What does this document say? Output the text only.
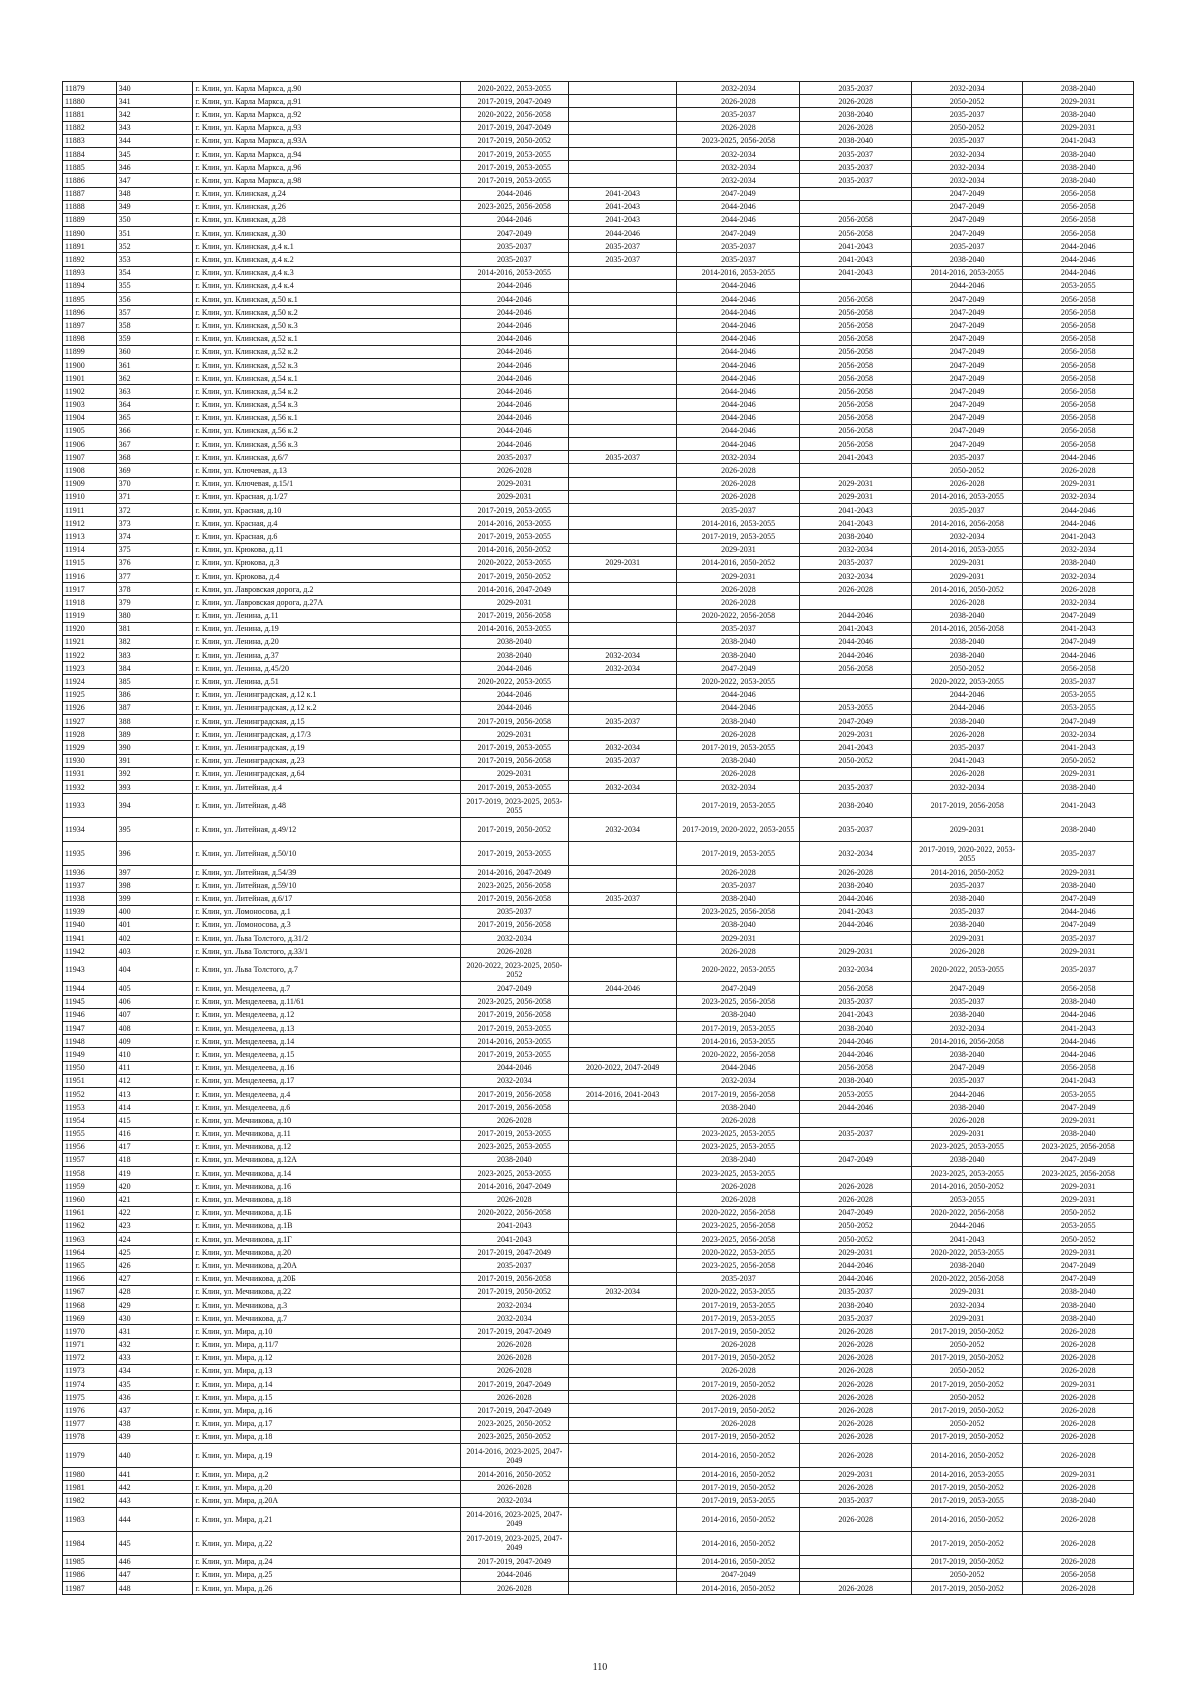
11879	340	г. Клин, ул. Карла Маркса, д.90	2020-2022, 2053-2055		2032-2034	2035-2037	2032-2034	2038-2040
11880	341	г. Клин, ул. Карла Маркса, д.91	2017-2019, 2047-2049		2026-2028	2026-2028	2050-2052	2029-2031
11881	342	г. Клин, ул. Карла Маркса, д.92	2020-2022, 2056-2058		2035-2037	2038-2040	2035-2037	2038-2040
11882	343	г. Клин, ул. Карла Маркса, д.93	2017-2019, 2047-2049		2026-2028	2026-2028	2050-2052	2029-2031
11883	344	г. Клин, ул. Карла Маркса, д.93А	2017-2019, 2050-2052		2023-2025, 2056-2058	2038-2040	2035-2037	2041-2043
11884	345	г. Клин, ул. Карла Маркса, д.94	2017-2019, 2053-2055		2032-2034	2035-2037	2032-2034	2038-2040
11885	346	г. Клин, ул. Карла Маркса, д.96	2017-2019, 2053-2055		2032-2034	2035-2037	2032-2034	2038-2040
11886	347	г. Клин, ул. Карла Маркса, д.98	2017-2019, 2053-2055		2032-2034	2035-2037	2032-2034	2038-2040
11887	348	г. Клин, ул. Клинская, д.24	2044-2046	2041-2043	2047-2049		2047-2049	2056-2058
11888	349	г. Клин, ул. Клинская, д.26	2023-2025, 2056-2058	2041-2043	2044-2046		2047-2049	2056-2058
11889	350	г. Клин, ул. Клинская, д.28	2044-2046	2041-2043	2044-2046	2056-2058	2047-2049	2056-2058
11890	351	г. Клин, ул. Клинская, д.30	2047-2049	2044-2046	2047-2049	2056-2058	2047-2049	2056-2058
11891	352	г. Клин, ул. Клинская, д.4 к.1	2035-2037	2035-2037	2035-2037	2041-2043	2035-2037	2044-2046
11892	353	г. Клин, ул. Клинская, д.4 к.2	2035-2037	2035-2037	2035-2037	2041-2043	2038-2040	2044-2046
11893	354	г. Клин, ул. Клинская, д.4 к.3	2014-2016, 2053-2055		2014-2016, 2053-2055	2041-2043	2014-2016, 2053-2055	2044-2046
11894	355	г. Клин, ул. Клинская, д.4 к.4	2044-2046		2044-2046		2044-2046	2053-2055
11895	356	г. Клин, ул. Клинская, д.50 к.1	2044-2046		2044-2046	2056-2058	2047-2049	2056-2058
11896	357	г. Клин, ул. Клинская, д.50 к.2	2044-2046		2044-2046	2056-2058	2047-2049	2056-2058
11897	358	г. Клин, ул. Клинская, д.50 к.3	2044-2046		2044-2046	2056-2058	2047-2049	2056-2058
11898	359	г. Клин, ул. Клинская, д.52 к.1	2044-2046		2044-2046	2056-2058	2047-2049	2056-2058
11899	360	г. Клин, ул. Клинская, д.52 к.2	2044-2046		2044-2046	2056-2058	2047-2049	2056-2058
11900	361	г. Клин, ул. Клинская, д.52 к.3	2044-2046		2044-2046	2056-2058	2047-2049	2056-2058
11901	362	г. Клин, ул. Клинская, д.54 к.1	2044-2046		2044-2046	2056-2058	2047-2049	2056-2058
11902	363	г. Клин, ул. Клинская, д.54 к.2	2044-2046		2044-2046	2056-2058	2047-2049	2056-2058
11903	364	г. Клин, ул. Клинская, д.54 к.3	2044-2046		2044-2046	2056-2058	2047-2049	2056-2058
11904	365	г. Клин, ул. Клинская, д.56 к.1	2044-2046		2044-2046	2056-2058	2047-2049	2056-2058
11905	366	г. Клин, ул. Клинская, д.56 к.2	2044-2046		2044-2046	2056-2058	2047-2049	2056-2058
11906	367	г. Клин, ул. Клинская, д.56 к.3	2044-2046		2044-2046	2056-2058	2047-2049	2056-2058
11907	368	г. Клин, ул. Клинская, д.6/7	2035-2037	2035-2037	2032-2034	2041-2043	2035-2037	2044-2046
11908	369	г. Клин, ул. Ключевая, д.13	2026-2028		2026-2028		2050-2052	2026-2028
11909	370	г. Клин, ул. Ключевая, д.15/1	2029-2031		2026-2028	2029-2031	2026-2028	2029-2031
11910	371	г. Клин, ул. Красная, д.1/27	2029-2031		2026-2028	2029-2031	2014-2016, 2053-2055	2032-2034
11911	372	г. Клин, ул. Красная, д.10	2017-2019, 2053-2055		2035-2037	2041-2043	2035-2037	2044-2046
11912	373	г. Клин, ул. Красная, д.4	2014-2016, 2053-2055		2014-2016, 2053-2055	2041-2043	2014-2016, 2056-2058	2044-2046
11913	374	г. Клин, ул. Красная, д.6	2017-2019, 2053-2055		2017-2019, 2053-2055	2038-2040	2032-2034	2041-2043
11914	375	г. Клин, ул. Крюкова, д.11	2014-2016, 2050-2052		2029-2031	2032-2034	2014-2016, 2053-2055	2032-2034
11915	376	г. Клин, ул. Крюкова, д.3	2020-2022, 2053-2055	2029-2031	2014-2016, 2050-2052	2035-2037	2029-2031	2038-2040
11916	377	г. Клин, ул. Крюкова, д.4	2017-2019, 2050-2052		2029-2031	2032-2034	2029-2031	2032-2034
11917	378	г. Клин, ул. Лавровская дорога, д.2	2014-2016, 2047-2049		2026-2028	2026-2028	2014-2016, 2050-2052	2026-2028
11918	379	г. Клин, ул. Лавровская дорога, д.27А	2029-2031		2026-2028		2026-2028	2032-2034
11919	380	г. Клин, ул. Ленина, д.11	2017-2019, 2056-2058		2020-2022, 2056-2058	2044-2046	2038-2040	2047-2049
11920	381	г. Клин, ул. Ленина, д.19	2014-2016, 2053-2055		2035-2037	2041-2043	2014-2016, 2056-2058	2041-2043
11921	382	г. Клин, ул. Ленина, д.20	2038-2040		2038-2040	2044-2046	2038-2040	2047-2049
11922	383	г. Клин, ул. Ленина, д.37	2038-2040	2032-2034	2038-2040	2044-2046	2038-2040	2044-2046
11923	384	г. Клин, ул. Ленина, д.45/20	2044-2046	2032-2034	2047-2049	2056-2058	2050-2052	2056-2058
11924	385	г. Клин, ул. Ленина, д.51	2020-2022, 2053-2055		2020-2022, 2053-2055		2020-2022, 2053-2055	2035-2037
11925	386	г. Клин, ул. Ленинградская, д.12 к.1	2044-2046		2044-2046		2044-2046	2053-2055
11926	387	г. Клин, ул. Ленинградская, д.12 к.2	2044-2046		2044-2046	2053-2055	2044-2046	2053-2055
11927	388	г. Клин, ул. Ленинградская, д.15	2017-2019, 2056-2058	2035-2037	2038-2040	2047-2049	2038-2040	2047-2049
11928	389	г. Клин, ул. Ленинградская, д.17/3	2029-2031		2026-2028	2029-2031	2026-2028	2032-2034
11929	390	г. Клин, ул. Ленинградская, д.19	2017-2019, 2053-2055	2032-2034	2017-2019, 2053-2055	2041-2043	2035-2037	2041-2043
11930	391	г. Клин, ул. Ленинградская, д.23	2017-2019, 2056-2058	2035-2037	2038-2040	2050-2052	2041-2043	2050-2052
11931	392	г. Клин, ул. Ленинградская, д.64	2029-2031		2026-2028		2026-2028	2029-2031
11932	393	г. Клин, ул. Литейная, д.4	2017-2019, 2053-2055	2032-2034	2032-2034	2035-2037	2032-2034	2038-2040
11933	394	г. Клин, ул. Литейная, д.48	2017-2019, 2023-2025, 2053-2055		2017-2019, 2053-2055	2038-2040	2017-2019, 2056-2058	2041-2043
11934	395	г. Клин, ул. Литейная, д.49/12	2017-2019, 2050-2052	2032-2034	2017-2019, 2020-2022, 2053-2055	2035-2037	2029-2031	2038-2040
11935	396	г. Клин, ул. Литейная, д.50/10	2017-2019, 2053-2055		2017-2019, 2053-2055	2032-2034	2017-2019, 2020-2022, 2053-2055	2035-2037
11936	397	г. Клин, ул. Литейная, д.54/39	2014-2016, 2047-2049		2026-2028	2026-2028	2014-2016, 2050-2052	2029-2031
11937	398	г. Клин, ул. Литейная, д.59/10	2023-2025, 2056-2058		2035-2037	2038-2040	2035-2037	2038-2040
11938	399	г. Клин, ул. Литейная, д.6/17	2017-2019, 2056-2058	2035-2037	2038-2040	2044-2046	2038-2040	2047-2049
11939	400	г. Клин, ул. Ломоносова, д.1	2035-2037		2023-2025, 2056-2058	2041-2043	2035-2037	2044-2046
11940	401	г. Клин, ул. Ломоносова, д.3	2017-2019, 2056-2058		2038-2040	2044-2046	2038-2040	2047-2049
11941	402	г. Клин, ул. Льва Толстого, д.31/2	2032-2034		2029-2031		2029-2031	2035-2037
11942	403	г. Клин, ул. Льва Толстого, д.33/1	2026-2028		2026-2028	2029-2031	2026-2028	2029-2031
11943	404	г. Клин, ул. Льва Толстого, д.7	2020-2022, 2023-2025, 2050-2052		2020-2022, 2053-2055	2032-2034	2020-2022, 2053-2055	2035-2037
11944	405	г. Клин, ул. Менделеева, д.7	2047-2049	2044-2046	2047-2049	2056-2058	2047-2049	2056-2058
11945	406	г. Клин, ул. Менделеева, д.11/61	2023-2025, 2056-2058		2023-2025, 2056-2058	2035-2037	2035-2037	2038-2040
11946	407	г. Клин, ул. Менделеева, д.12	2017-2019, 2056-2058		2038-2040	2041-2043	2038-2040	2044-2046
11947	408	г. Клин, ул. Менделеева, д.13	2017-2019, 2053-2055		2017-2019, 2053-2055	2038-2040	2032-2034	2041-2043
11948	409	г. Клин, ул. Менделеева, д.14	2014-2016, 2053-2055		2014-2016, 2053-2055	2044-2046	2014-2016, 2056-2058	2044-2046
11949	410	г. Клин, ул. Менделеева, д.15	2017-2019, 2053-2055		2020-2022, 2056-2058	2044-2046	2038-2040	2044-2046
11950	411	г. Клин, ул. Менделеева, д.16	2044-2046	2020-2022, 2047-2049	2044-2046	2056-2058	2047-2049	2056-2058
11951	412	г. Клин, ул. Менделеева, д.17	2032-2034		2032-2034	2038-2040	2035-2037	2041-2043
11952	413	г. Клин, ул. Менделеева, д.4	2017-2019, 2056-2058	2014-2016, 2041-2043	2017-2019, 2056-2058	2053-2055	2044-2046	2053-2055
11953	414	г. Клин, ул. Менделеева, д.6	2017-2019, 2056-2058		2038-2040	2044-2046	2038-2040	2047-2049
11954	415	г. Клин, ул. Мечникова, д.10	2026-2028		2026-2028		2026-2028	2029-2031
11955	416	г. Клин, ул. Мечникова, д.11	2017-2019, 2053-2055		2023-2025, 2053-2055	2035-2037	2029-2031	2038-2040
11956	417	г. Клин, ул. Мечникова, д.12	2023-2025, 2053-2055		2023-2025, 2053-2055		2023-2025, 2053-2055	2023-2025, 2056-2058
11957	418	г. Клин, ул. Мечникова, д.12А	2038-2040		2038-2040	2047-2049	2038-2040	2047-2049
11958	419	г. Клин, ул. Мечникова, д.14	2023-2025, 2053-2055		2023-2025, 2053-2055		2023-2025, 2053-2055	2023-2025, 2056-2058
11959	420	г. Клин, ул. Мечникова, д.16	2014-2016, 2047-2049		2026-2028	2026-2028	2014-2016, 2050-2052	2029-2031
11960	421	г. Клин, ул. Мечникова, д.18	2026-2028		2026-2028	2026-2028	2053-2055	2029-2031
11961	422	г. Клин, ул. Мечникова, д.1Б	2020-2022, 2056-2058		2020-2022, 2056-2058	2047-2049	2020-2022, 2056-2058	2050-2052
11962	423	г. Клин, ул. Мечникова, д.1В	2041-2043		2023-2025, 2056-2058	2050-2052	2044-2046	2053-2055
11963	424	г. Клин, ул. Мечникова, д.1Г	2041-2043		2023-2025, 2056-2058	2050-2052	2041-2043	2050-2052
11964	425	г. Клин, ул. Мечникова, д.20	2017-2019, 2047-2049		2020-2022, 2053-2055	2029-2031	2020-2022, 2053-2055	2029-2031
11965	426	г. Клин, ул. Мечникова, д.20А	2035-2037		2023-2025, 2056-2058	2044-2046	2038-2040	2047-2049
11966	427	г. Клин, ул. Мечникова, д.20Б	2017-2019, 2056-2058		2035-2037	2044-2046	2020-2022, 2056-2058	2047-2049
11967	428	г. Клин, ул. Мечникова, д.22	2017-2019, 2050-2052	2032-2034	2020-2022, 2053-2055	2035-2037	2029-2031	2038-2040
11968	429	г. Клин, ул. Мечникова, д.3	2032-2034		2017-2019, 2053-2055	2038-2040	2032-2034	2038-2040
11969	430	г. Клин, ул. Мечникова, д.7	2032-2034		2017-2019, 2053-2055	2035-2037	2029-2031	2038-2040
11970	431	г. Клин, ул. Мира, д.10	2017-2019, 2047-2049		2017-2019, 2050-2052	2026-2028	2017-2019, 2050-2052	2026-2028
11971	432	г. Клин, ул. Мира, д.11/7	2026-2028		2026-2028	2026-2028	2050-2052	2026-2028
11972	433	г. Клин, ул. Мира, д.12	2026-2028		2017-2019, 2050-2052	2026-2028	2017-2019, 2050-2052	2026-2028
11973	434	г. Клин, ул. Мира, д.13	2026-2028		2026-2028	2026-2028	2050-2052	2026-2028
11974	435	г. Клин, ул. Мира, д.14	2017-2019, 2047-2049		2017-2019, 2050-2052	2026-2028	2017-2019, 2050-2052	2029-2031
11975	436	г. Клин, ул. Мира, д.15	2026-2028		2026-2028	2026-2028	2050-2052	2026-2028
11976	437	г. Клин, ул. Мира, д.16	2017-2019, 2047-2049		2017-2019, 2050-2052	2026-2028	2017-2019, 2050-2052	2026-2028
11977	438	г. Клин, ул. Мира, д.17	2023-2025, 2050-2052		2026-2028	2026-2028	2050-2052	2026-2028
11978	439	г. Клин, ул. Мира, д.18	2023-2025, 2050-2052		2017-2019, 2050-2052	2026-2028	2017-2019, 2050-2052	2026-2028
11979	440	г. Клин, ул. Мира, д.19	2014-2016, 2023-2025, 2047-2049		2014-2016, 2050-2052	2026-2028	2014-2016, 2050-2052	2026-2028
11980	441	г. Клин, ул. Мира, д.2	2014-2016, 2050-2052		2014-2016, 2050-2052	2029-2031	2014-2016, 2053-2055	2029-2031
11981	442	г. Клин, ул. Мира, д.20	2026-2028		2017-2019, 2050-2052	2026-2028	2017-2019, 2050-2052	2026-2028
11982	443	г. Клин, ул. Мира, д.20А	2032-2034		2017-2019, 2053-2055	2035-2037	2017-2019, 2053-2055	2038-2040
11983	444	г. Клин, ул. Мира, д.21	2014-2016, 2023-2025, 2047-2049		2014-2016, 2050-2052	2026-2028	2014-2016, 2050-2052	2026-2028
11984	445	г. Клин, ул. Мира, д.22	2017-2019, 2023-2025, 2047-2049		2014-2016, 2050-2052		2017-2019, 2050-2052	2026-2028
11985	446	г. Клин, ул. Мира, д.24	2017-2019, 2047-2049		2014-2016, 2050-2052		2017-2019, 2050-2052	2026-2028
11986	447	г. Клин, ул. Мира, д.25	2044-2046		2047-2049		2050-2052	2056-2058
11987	448	г. Клин, ул. Мира, д.26	2026-2028		2014-2016, 2050-2052	2026-2028	2017-2019, 2050-2052	2026-2028
110
